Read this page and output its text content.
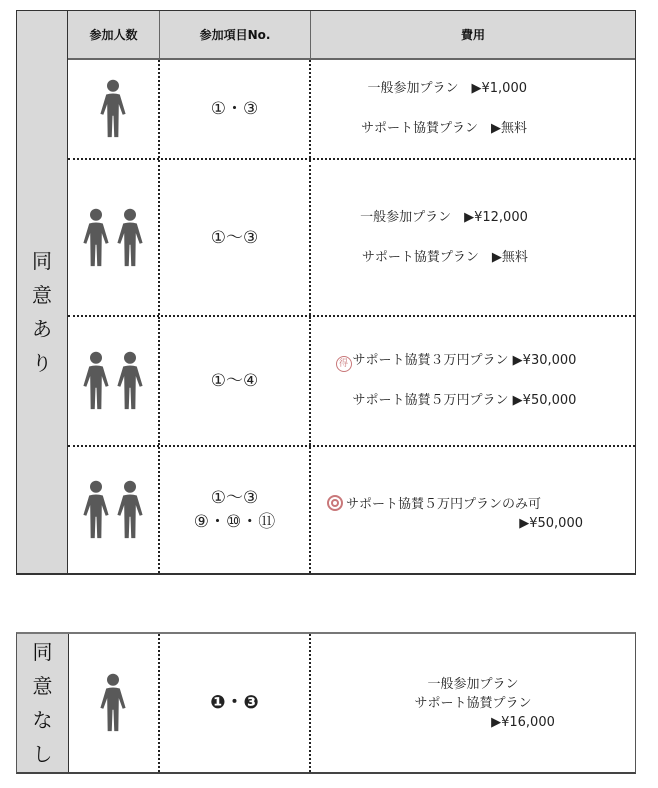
同
意
あ
り
参加人数	参加項目No.	費用
①・③
一般参加プラン　▶¥1,000
サポート協賛プラン　▶無料
①〜③
一般参加プラン　▶¥12,000
サポート協賛プラン　▶無料
①〜④
得 サポート協賛３万円プラン ▶¥30,000
サポート協賛５万円プラン ▶¥50,000
①〜③
⑨・⑩・⑪
サポート協賛５万円プランのみ可
▶¥50,000
同
意
な
し
❶・❸
一般参加プラン
サポート協賛プラン
▶¥16,000
